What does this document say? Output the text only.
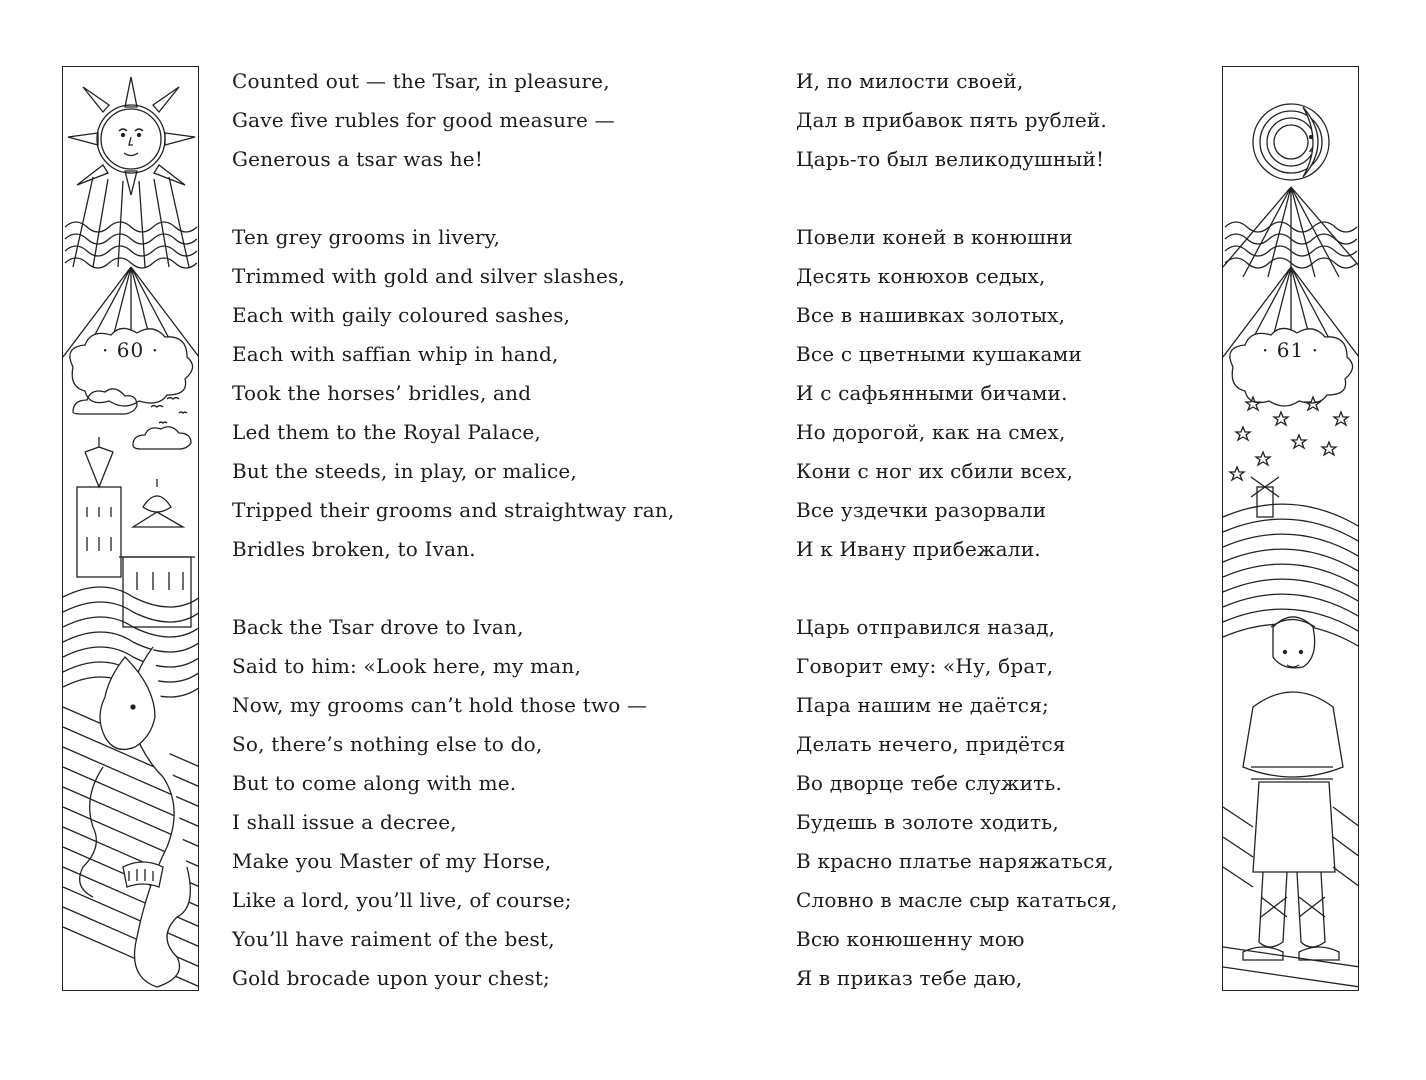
· 60 ·	· 61 ·
Counted out — the Tsar, in pleasure,
Gave five rubles for good measure —
Generous a tsar was he!
Ten grey grooms in livery,
Trimmed with gold and silver slashes,
Each with gaily coloured sashes,
Each with saffian whip in hand,
Took the horses’ bridles, and
Led them to the Royal Palace,
But the steeds, in play, or malice,
Tripped their grooms and straightway ran,
Bridles broken, to Ivan.
Back the Tsar drove to Ivan,
Said to him: «Look here, my man,
Now, my grooms can’t hold those two —
So, there’s nothing else to do,
But to come along with me.
I shall issue a decree,
Make you Master of my Horse,
Like a lord, you’ll live, of course;
You’ll have raiment of the best,
Gold brocade upon your chest;
И, по милости своей,
Дал в прибавок пять рублей.
Царь-то был великодушный!
Повели коней в конюшни
Десять конюхов седых,
Все в нашивках золотых,
Все с цветными кушаками
И с сафьянными бичами.
Но дорогой, как на смех,
Кони с ног их сбили всех,
Все уздечки разорвали
И к Ивану прибежали.
Царь отправился назад,
Говорит ему: «Ну, брат,
Пара нашим не даётся;
Делать нечего, придётся
Во дворце тебе служить.
Будешь в золоте ходить,
В красно платье наряжаться,
Словно в масле сыр кататься,
Всю конюшенну мою
Я в приказ тебе даю,
